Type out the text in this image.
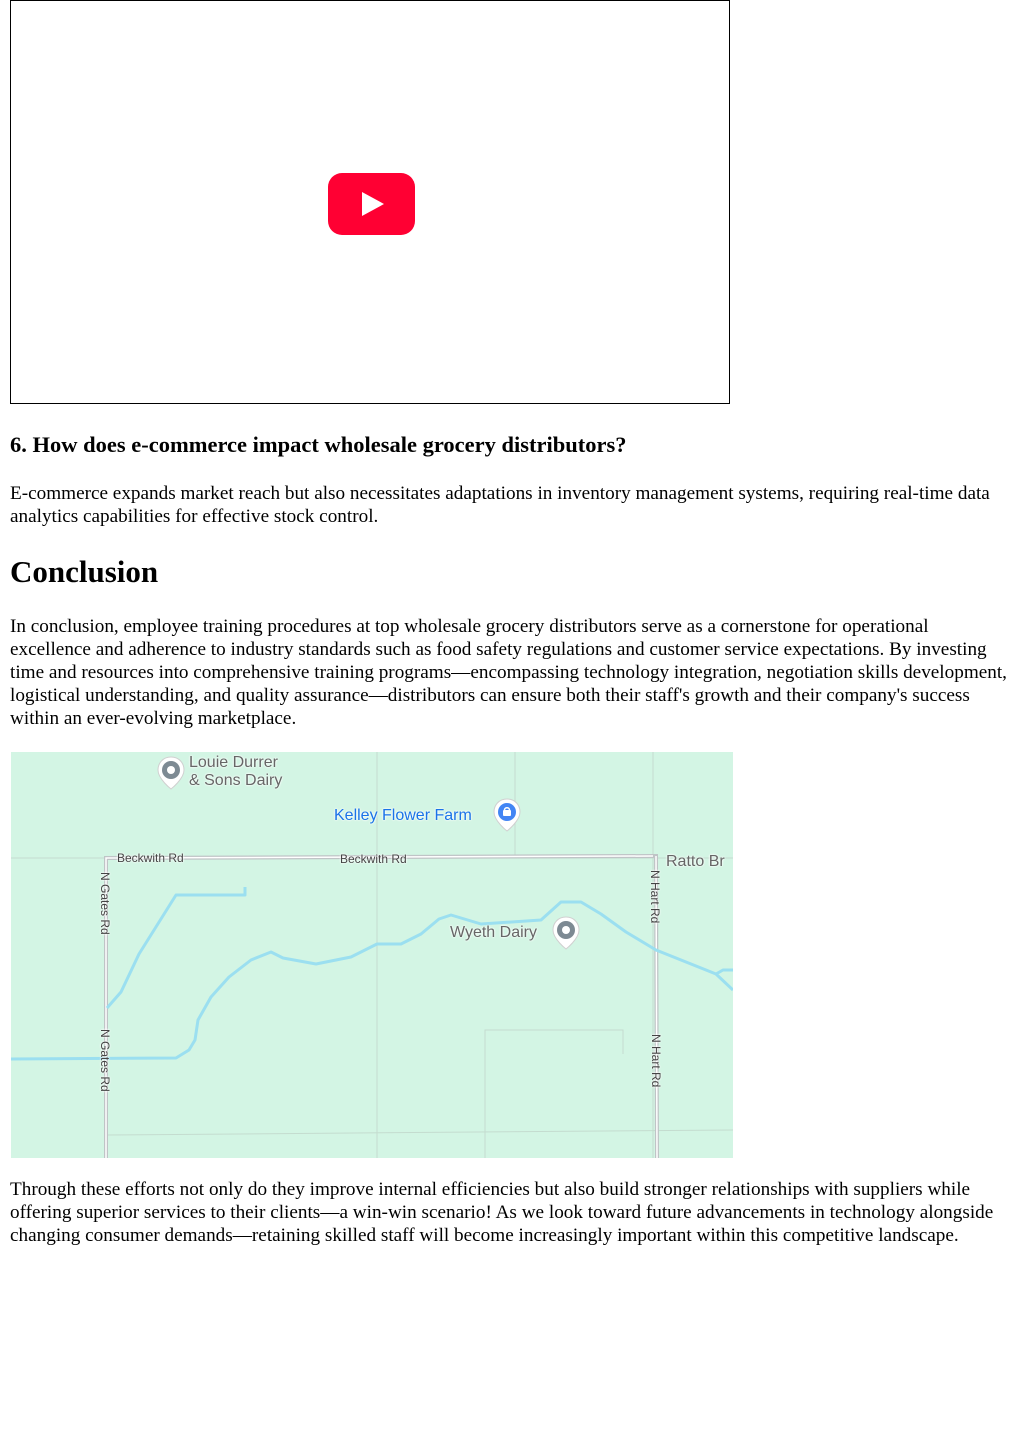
6. How does e-commerce impact wholesale grocery distributors?

E-commerce expands market reach but also necessitates adaptations in inventory management systems, requiring real-time data analytics capabilities for effective stock control.

Conclusion

In conclusion, employee training procedures at top wholesale grocery distributors serve as a cornerstone for operational excellence and adherence to industry standards such as food safety regulations and customer service expectations. By investing time and resources into comprehensive training programs—encompassing technology integration, negotiation skills development, logistical understanding, and quality assurance—distributors can ensure both their staff's growth and their company's success within an ever-evolving marketplace.

Louie Durrer
& Sons Dairy
Kelley Flower Farm
Wyeth Dairy
Ratto Br
Beckwith Rd	Beckwith Rd
N Gates Rd
N Gates Rd
N Hart Rd
N Hart Rd

Through these efforts not only do they improve internal efficiencies but also build stronger relationships with suppliers while offering superior services to their clients—a win-win scenario! As we look toward future advancements in technology alongside changing consumer demands—retaining skilled staff will become increasingly important within this competitive landscape.
